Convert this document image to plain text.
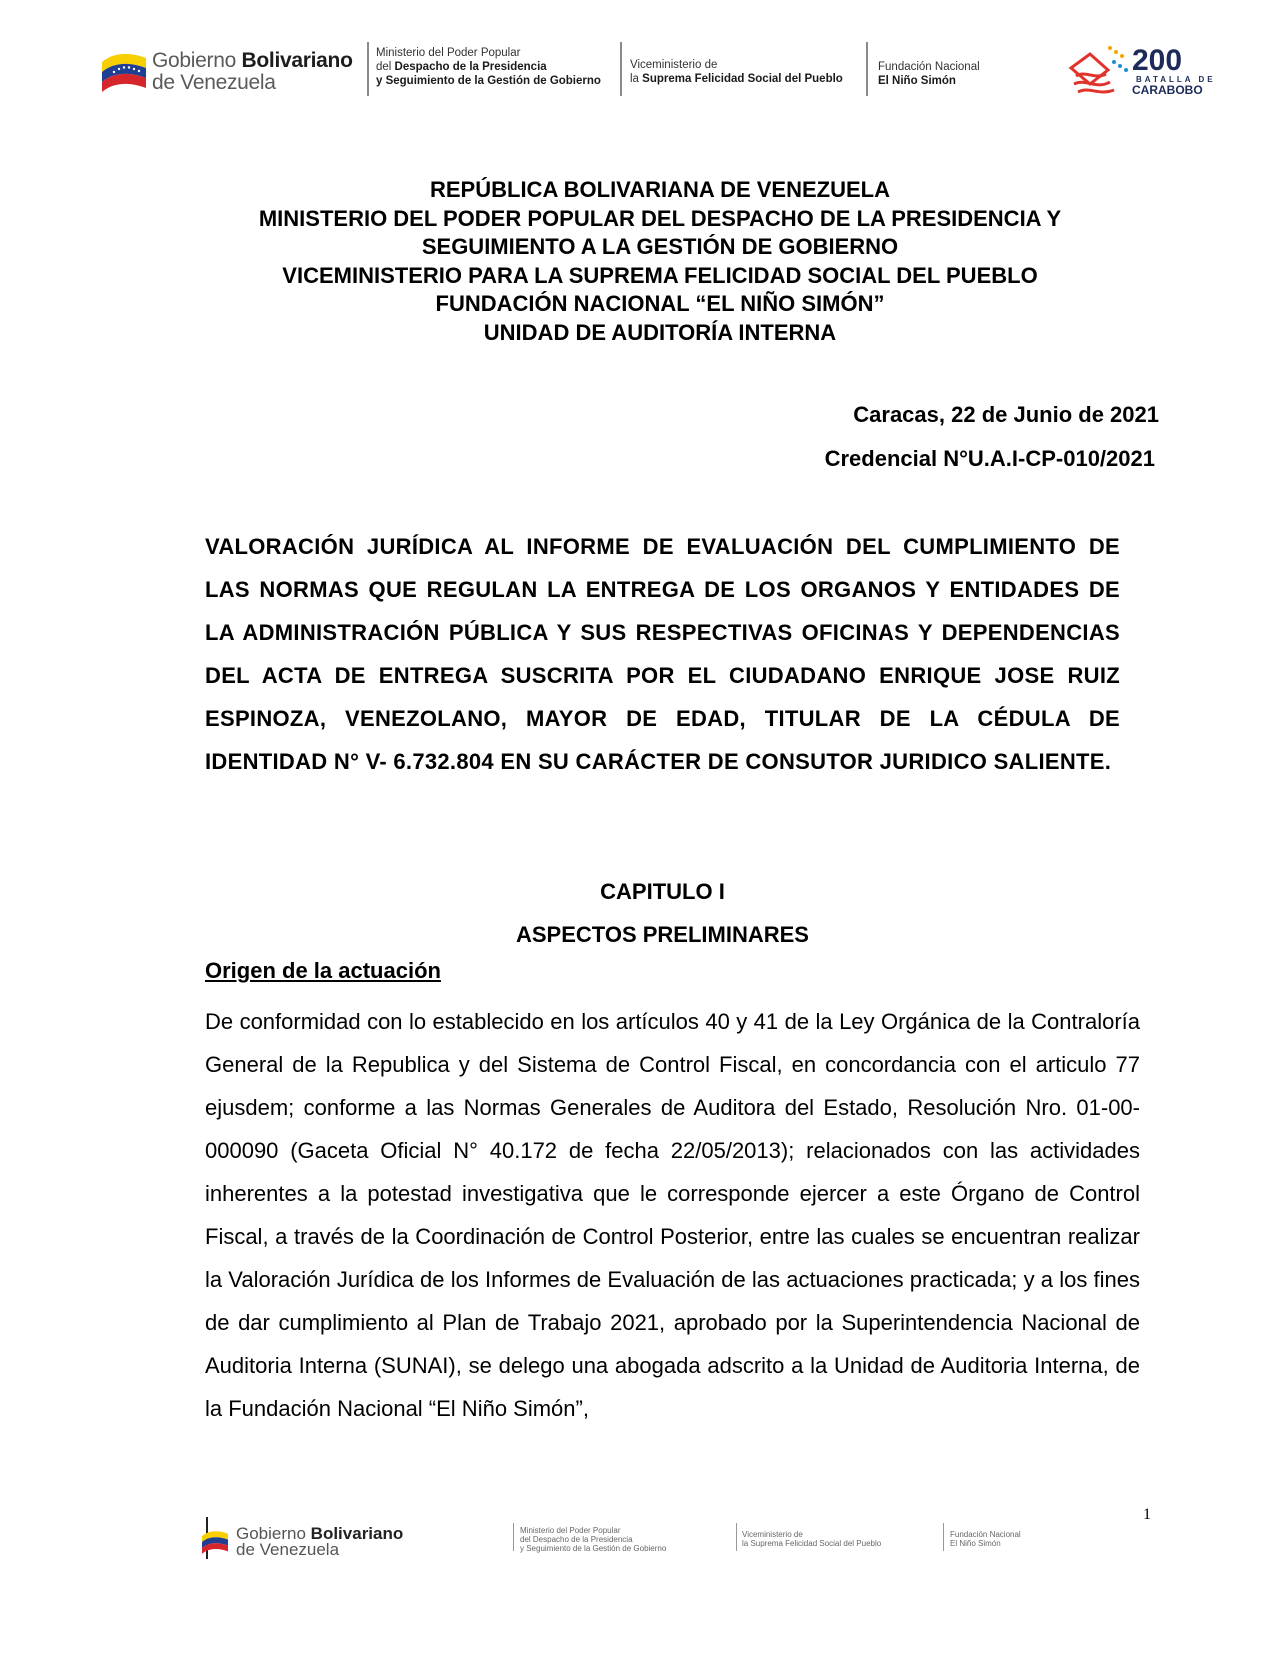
Gobierno Bolivariano
de Venezuela
Ministerio del Poder Popular
del Despacho de la Presidencia
y Seguimiento de la Gestión de Gobierno
Viceministerio de
la Suprema Felicidad Social del Pueblo
Fundación Nacional
El Niño Simón
200
BATALLA DE
CARABOBO
REPÚBLICA BOLIVARIANA DE VENEZUELA
MINISTERIO DEL PODER POPULAR DEL DESPACHO DE LA PRESIDENCIA Y
SEGUIMIENTO A LA GESTIÓN DE GOBIERNO
VICEMINISTERIO PARA LA SUPREMA FELICIDAD SOCIAL DEL PUEBLO
FUNDACIÓN NACIONAL “EL NIÑO SIMÓN”
UNIDAD DE AUDITORÍA INTERNA
Caracas, 22 de Junio de 2021
Credencial N°U.A.I-CP-010/2021
VALORACIÓN JURÍDICA AL INFORME DE EVALUACIÓN DEL CUMPLIMIENTO DE LAS NORMAS QUE REGULAN LA ENTREGA DE LOS ORGANOS Y ENTIDADES DE LA ADMINISTRACIÓN PÚBLICA Y SUS RESPECTIVAS OFICINAS Y DEPENDENCIAS DEL ACTA DE ENTREGA SUSCRITA POR EL CIUDADANO ENRIQUE JOSE RUIZ ESPINOZA, VENEZOLANO, MAYOR DE EDAD, TITULAR DE LA CÉDULA DE IDENTIDAD N° V- 6.732.804 EN SU CARÁCTER DE CONSUTOR JURIDICO SALIENTE.
CAPITULO I
ASPECTOS PRELIMINARES
Origen de la actuación
De conformidad con lo establecido en los artículos 40 y 41 de la Ley Orgánica de la Contraloría General de la Republica y del Sistema de Control Fiscal, en concordancia con el articulo 77 ejusdem; conforme a las Normas Generales de Auditora del Estado, Resolución Nro. 01-00-000090 (Gaceta Oficial N° 40.172 de fecha 22/05/2013); relacionados con las actividades inherentes a la potestad investigativa que le corresponde ejercer a este Órgano de Control Fiscal, a través de la Coordinación de Control Posterior, entre las cuales se encuentran realizar la Valoración Jurídica de los Informes de Evaluación de las actuaciones practicada; y a los fines de dar cumplimiento al Plan de Trabajo 2021, aprobado por la Superintendencia Nacional de Auditoria Interna (SUNAI), se delego una abogada adscrito a la Unidad de Auditoria Interna, de la Fundación Nacional “El Niño Simón”,
1
Gobierno Bolivariano
de Venezuela
Ministerio del Poder Popular
del Despacho de la Presidencia
y Seguimiento de la Gestión de Gobierno
Viceministerio de
la Suprema Felicidad Social del Pueblo
Fundación Nacional
El Niño Simón
